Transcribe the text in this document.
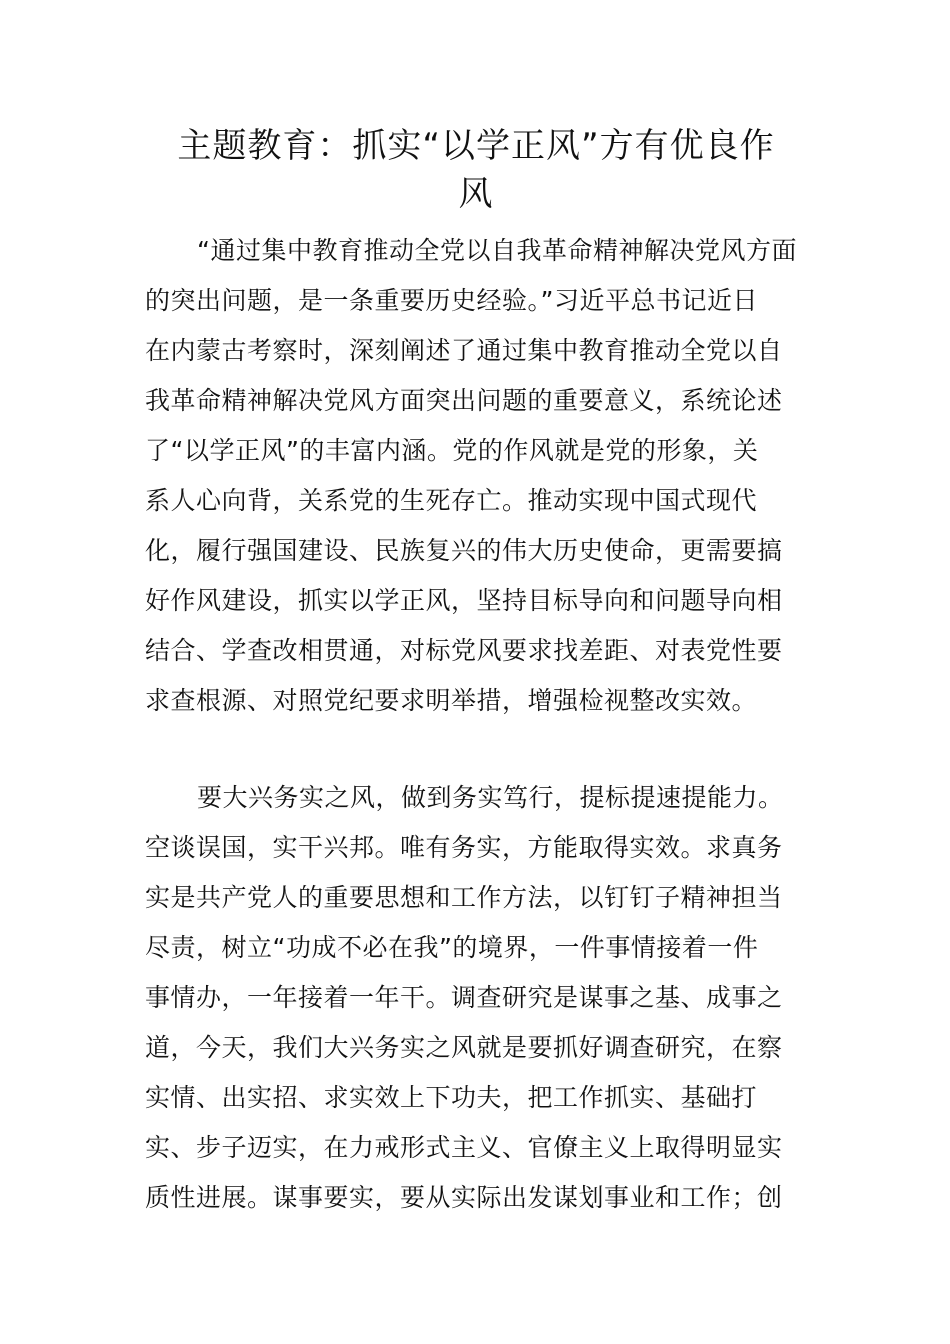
主题教育：抓实“以学正风”方有优良作
风
“通过集中教育推动全党以自我革命精神解决党风方面
的突出问题，是一条重要历史经验。”习近平总书记近日
在内蒙古考察时，深刻阐述了通过集中教育推动全党以自
我革命精神解决党风方面突出问题的重要意义，系统论述
了“以学正风”的丰富内涵。党的作风就是党的形象，关
系人心向背，关系党的生死存亡。推动实现中国式现代
化，履行强国建设、民族复兴的伟大历史使命，更需要搞
好作风建设，抓实以学正风，坚持目标导向和问题导向相
结合、学查改相贯通，对标党风要求找差距、对表党性要
求查根源、对照党纪要求明举措，增强检视整改实效。
要大兴务实之风，做到务实笃行，提标提速提能力。
空谈误国，实干兴邦。唯有务实，方能取得实效。求真务
实是共产党人的重要思想和工作方法，以钉钉子精神担当
尽责，树立“功成不必在我”的境界，一件事情接着一件
事情办，一年接着一年干。调查研究是谋事之基、成事之
道，今天，我们大兴务实之风就是要抓好调查研究，在察
实情、出实招、求实效上下功夫，把工作抓实、基础打
实、步子迈实，在力戒形式主义、官僚主义上取得明显实
质性进展。谋事要实，要从实际出发谋划事业和工作；创
